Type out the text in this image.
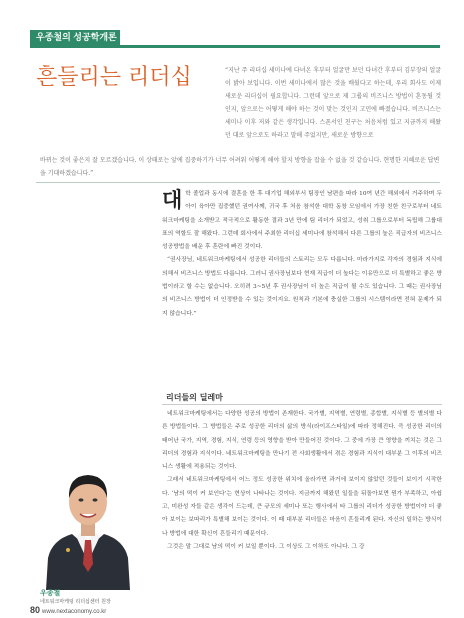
우종철의 성공학개론
흔들리는 리더십	“지난 주 리더십 세미나에 다녀온 후부터 얼굴만 보던 다녀간 후부터 김부장의 얼굴이 밝아 보입니다. 이번 세미나에서 많은 것을 배웠다고 하는데, 우리 회사도 이제 새로운 리더십이 필요합니다. 그런데 앞으로 제 그룹의 비즈니스 방법이 혼동될 것인지, 앞으로는 어떻게 해야 하는 것이 맞는 것인지 고민에 빠졌습니다. 비즈니스는 세미나 이후 저와 같은 생각입니다. 스폰서인 친구는 처음처럼 있고 지금까지 해왔던 대로 앞으로도 하라고 말해 주었지만, 새로운 방향으로
바뀌는 것이 좋은지 잘 모르겠습니다. 이 상태로는 앞에 집중하기가 너무 어려워 어떻게 해야 할지 방향을 잡을 수 없을 것 같습니다. 현명한 지혜로운 답변을 기대하겠습니다.”

대학 졸업과 동시에 결혼을 한 후 대기업 해외부서 팀장인 남편을 따라 10여 년간 해외에서 거주하며 두 아이 육아만 집중했던 권여사께, 귀국 후 처음 참석한 대학 동창 모임에서 가장 친한 친구로부터 네트워크마케팅을 소개받고 적극적으로 활동한 결과 3년 만에 팀 리더가 되었고, 성취 그룹으로부터 독립해 그룹대표의 역할도 잘 해왔다. 그런데 회사에서 주최한 리더십 세미나에 참석해서 다른 그룹의 높은 직급자의 비즈니스 성공방법을 배운 후 혼란에 빠진 것이다.

“권사장님, 네트워크마케팅에서 성공한 리더들의 스토리는 모두 다릅니다. 마라가지로 각자의 경험과 지식에 의해서 비즈니스 방법도 다릅니다. 그러니 권사장님보다 현재 직급이 더 높다는 이유만으로 더 특별하고 좋은 방법이라고 할 수는 없습니다. 오히려 3~5년 후 권사장님이 더 높은 직급이 될 수도 있습니다. 그 때는 권사장님의 비즈니스 방법이 더 인정받을 수 있는 것이지요. 원칙과 기본에 충실한 그룹의 시스템이라면 전혀 문제가 되지 않습니다.”

리더들의 딜레마

네트워크마케팅에서는 다양한 성공의 방법이 존재한다. 국가별, 지역별, 연령별, 종합별, 지식별 등 별의별 다른 방법들이다. 그 방법들은 주로 성공한 리더의 삶의 방식(라이프스타일)에 따라 정해진다. 즉 성공한 리더의 태어난 국가, 지역, 경험, 지식, 연령 등의 영향을 받아 만들어진 것이다. 그 중에 가장 큰 영향을 끼치는 것은 그 리더의 경험과 지식이다. 네트워크마케팅을 만나기 전 사회생활에서 겪은 경험과 지식이 대부분 그 이후의 비즈니스 생활에 적용되는 것이다.

그래서 네트워크마케팅에서 어느 정도 성공한 위치에 올라가면 과거에 보이지 않았던 것들이 보이기 시작한다. ‘남의 떡이 커 보인다’는 현상이 나타나는 것이다. 지금까지 해왔던 일들을 뒤돌아보면 뭔가 부족하고, 아쉽고, 미완성 자들 같은 생각이 드는데, 큰 규모의 세미나 또는 행사에서 타 그룹의 리더가 성공한 방법이야 더 좋아 보이는 보따리가 특별해 보이는 것이다. 이 때 대부분 리더들은 마음이 흔들리게 된다. 자신의 일하는 방식이나 방법에 대한 확신이 흔들리기 때문이다.

그것은 말 그대로 남의 떡이 커 보일 뿐이다. 그 이상도 그 이하도 아니다. 그 강

우종철
네트워크마케팅 리더십센터 원장
80 www.nextaconomy.co.kr
